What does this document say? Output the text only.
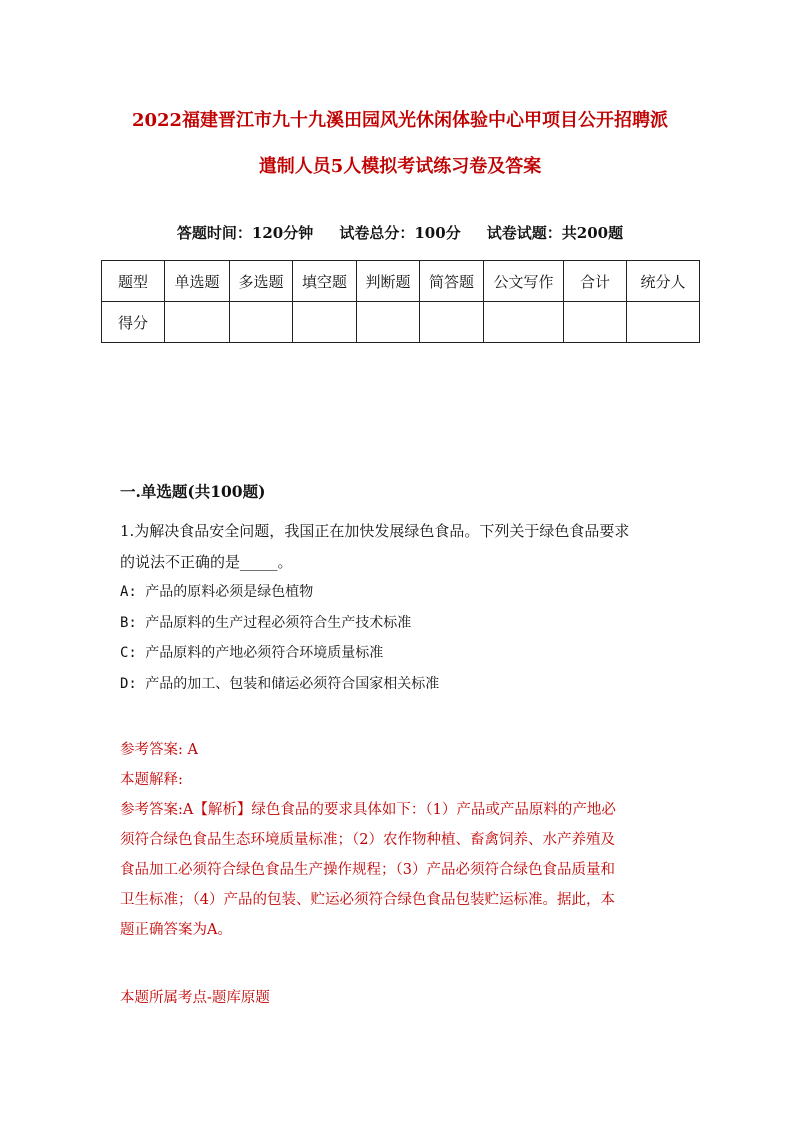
2022福建晋江市九十九溪田园风光休闲体验中心甲项目公开招聘派
遣制人员5人模拟考试练习卷及答案
答题时间：120分钟     试卷总分：100分     试卷试题：共200题
题型	单选题	多选题	填空题	判断题	简答题	公文写作	合计	统分人
得分								
一.单选题(共100题)

1.为解决食品安全问题，我国正在加快发展绿色食品。下列关于绿色食品要求

的说法不正确的是_____。

A: 产品的原料必须是绿色植物

B: 产品原料的生产过程必须符合生产技术标准

C: 产品原料的产地必须符合环境质量标准

D: 产品的加工、包装和储运必须符合国家相关标准

参考答案: A

本题解释:

参考答案:A【解析】绿色食品的要求具体如下：（1）产品或产品原料的产地必

须符合绿色食品生态环境质量标准；（2）农作物种植、畜禽饲养、水产养殖及

食品加工必须符合绿色食品生产操作规程；（3）产品必须符合绿色食品质量和

卫生标准；（4）产品的包装、贮运必须符合绿色食品包装贮运标准。据此，本

题正确答案为A。

本题所属考点-题库原题
